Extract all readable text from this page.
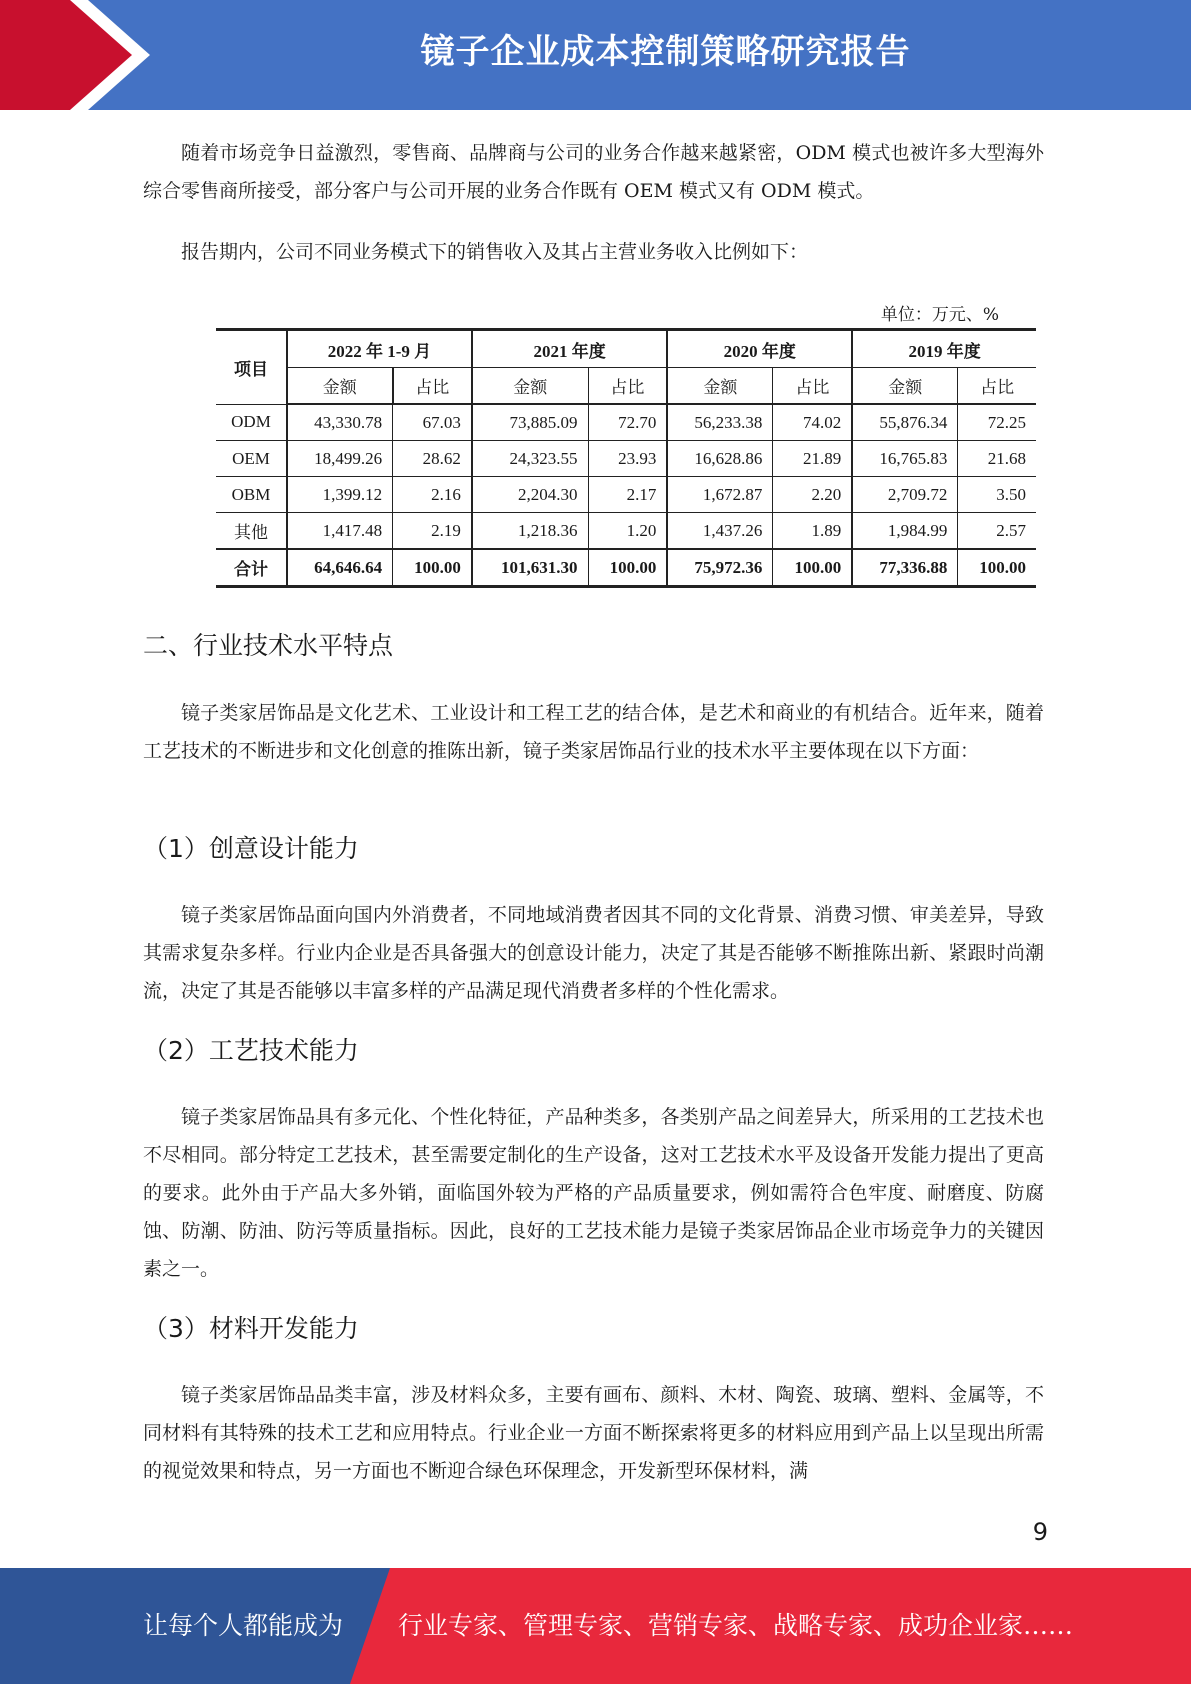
镜子企业成本控制策略研究报告

随着市场竞争日益激烈，零售商、品牌商与公司的业务合作越来越紧密，ODM 模式也被许多大型海外综合零售商所接受，部分客户与公司开展的业务合作既有 OEM 模式又有 ODM 模式。

报告期内，公司不同业务模式下的销售收入及其占主营业务收入比例如下：

单位：万元、%
项目	2022 年 1-9 月		2021 年度		2020 年度		2019 年度	
	金额	占比	金额	占比	金额	占比	金额	占比
ODM	43,330.78	67.03	73,885.09	72.70	56,233.38	74.02	55,876.34	72.25
OEM	18,499.26	28.62	24,323.55	23.93	16,628.86	21.89	16,765.83	21.68
OBM	1,399.12	2.16	2,204.30	2.17	1,672.87	2.20	2,709.72	3.50
其他	1,417.48	2.19	1,218.36	1.20	1,437.26	1.89	1,984.99	2.57
合计	64,646.64	100.00	101,631.30	100.00	75,972.36	100.00	77,336.88	100.00
二、行业技术水平特点

镜子类家居饰品是文化艺术、工业设计和工程工艺的结合体，是艺术和商业的有机结合。近年来，随着工艺技术的不断进步和文化创意的推陈出新，镜子类家居饰品行业的技术水平主要体现在以下方面：

（1）创意设计能力

镜子类家居饰品面向国内外消费者，不同地域消费者因其不同的文化背景、消费习惯、审美差异，导致其需求复杂多样。行业内企业是否具备强大的创意设计能力，决定了其是否能够不断推陈出新、紧跟时尚潮流，决定了其是否能够以丰富多样的产品满足现代消费者多样的个性化需求。

（2）工艺技术能力

镜子类家居饰品具有多元化、个性化特征，产品种类多，各类别产品之间差异大，所采用的工艺技术也不尽相同。部分特定工艺技术，甚至需要定制化的生产设备，这对工艺技术水平及设备开发能力提出了更高的要求。此外由于产品大多外销，面临国外较为严格的产品质量要求，例如需符合色牢度、耐磨度、防腐蚀、防潮、防油、防污等质量指标。因此，良好的工艺技术能力是镜子类家居饰品企业市场竞争力的关键因素之一。

（3）材料开发能力

镜子类家居饰品品类丰富，涉及材料众多，主要有画布、颜料、木材、陶瓷、玻璃、塑料、金属等，不同材料有其特殊的技术工艺和应用特点。行业企业一方面不断探索将更多的材料应用到产品上以呈现出所需的视觉效果和特点，另一方面也不断迎合绿色环保理念，开发新型环保材料，满

9
让每个人都能成为 行业专家、管理专家、营销专家、战略专家、成功企业家……
